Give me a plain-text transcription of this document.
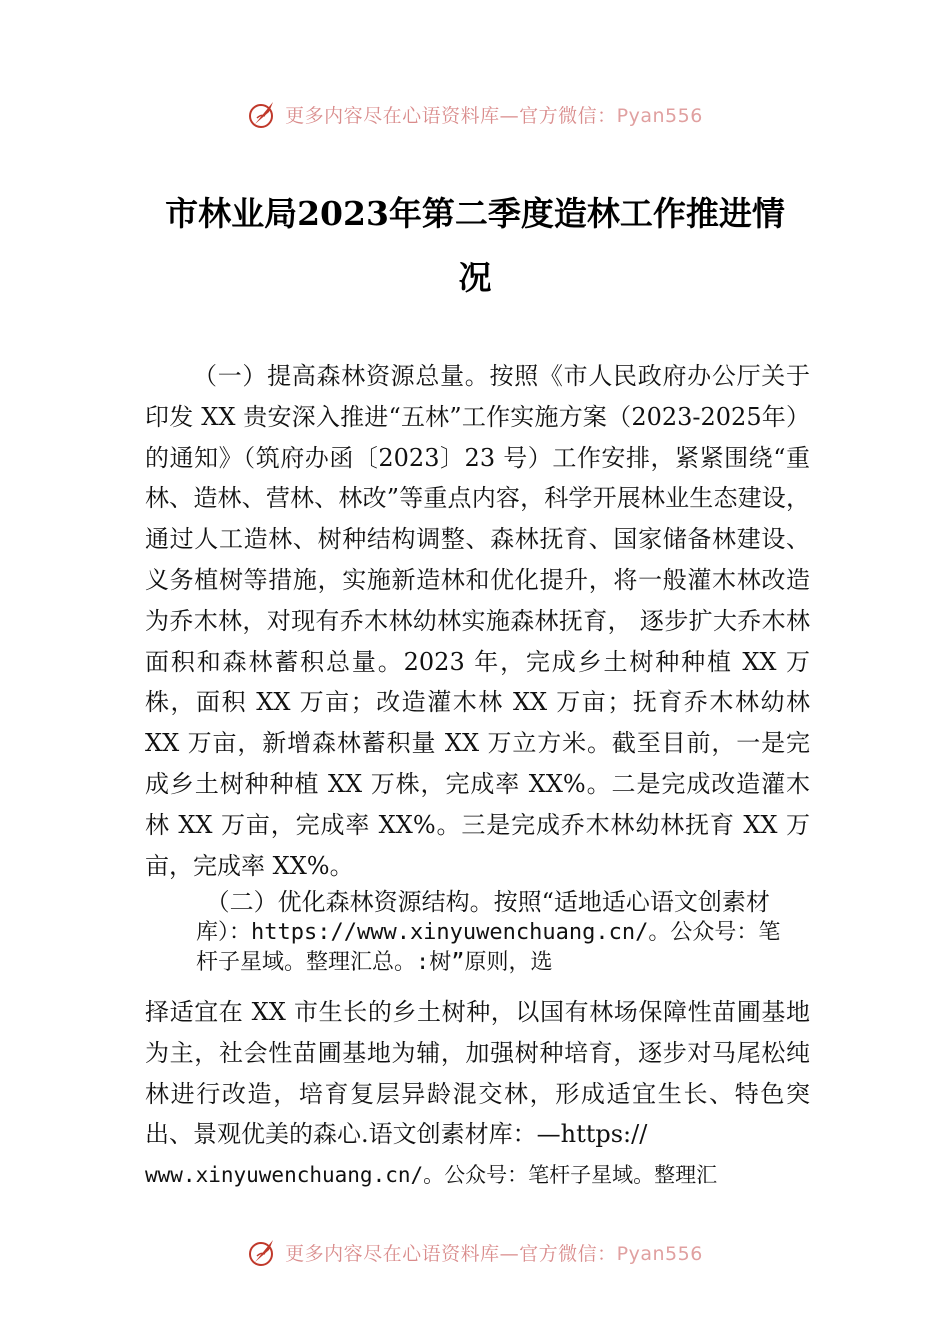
更多内容尽在心语资料库—官方微信：Pyan556
市林业局2023年第二季度造林工作推进情
况

（一）提高森林资源总量。按照《市人民政府办公厅关于印发 XX 贵安深入推进“五林”工作实施方案（2023-2025年）的通知》（筑府办函〔2023〕23 号）工作安排，紧紧围绕“重林、造林、营林、林改”等重点内容，科学开展林业生态建设，通过人工造林、树种结构调整、森林抚育、国家储备林建设、义务植树等措施，实施新造林和优化提升，将一般灌木林改造为乔木林，对现有乔木林幼林实施森林抚育， 逐步扩大乔木林面积和森林蓄积总量。2023 年，完成乡土树种种植 XX 万株，面积 XX 万亩；改造灌木林 XX 万亩；抚育乔木林幼林 XX 万亩，新增森林蓄积量 XX 万立方米。截至目前，一是完成乡土树种种植 XX 万株，完成率 XX%。二是完成改造灌木林 XX 万亩，完成率 XX%。三是完成乔木林幼林抚育 XX 万亩，完成率 XX%。

（二）优化森林资源结构。按照“适地适心语文创素材

库）：https://www.xinyuwenchuang.cn/。公众号：笔

杆子星域。整理汇总。:树”原则，选

择适宜在 XX 市生长的乡土树种，以国有林场保障性苗圃基地为主，社会性苗圃基地为辅，加强树种培育，逐步对马尾松纯林进行改造，培育复层异龄混交林，形成适宜生长、特色突出、景观优美的森心.语文创素材库：—https://

www.xinyuwenchuang.cn/。公众号：笔杆子星域。整理汇

更多内容尽在心语资料库—官方微信：Pyan556
